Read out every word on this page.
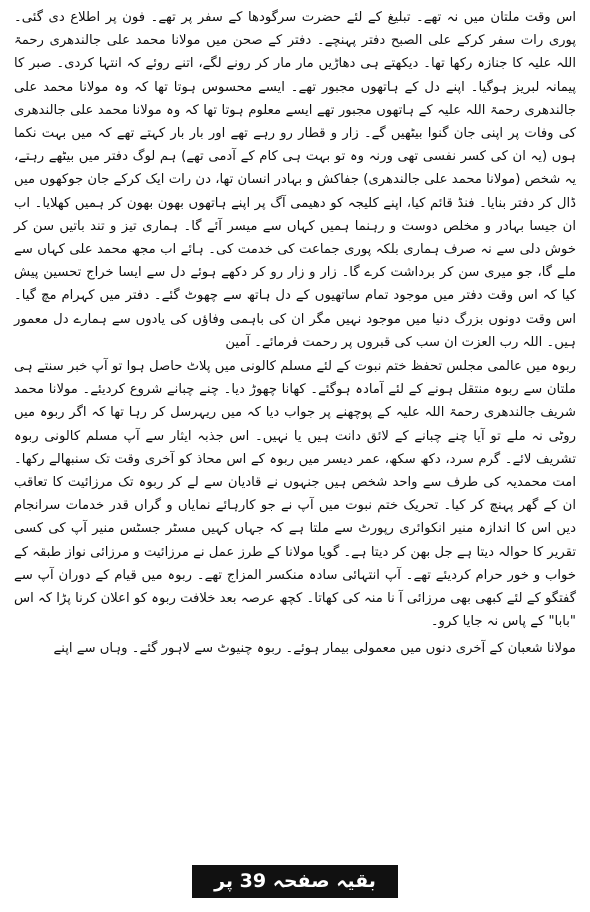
اس وقت ملتان میں نہ تھے۔ تبلیغ کے لئے حضرت سرگودھا کے سفر پر تھے۔ فون پر اطلاع دی گئی۔ پوری رات سفر کرکے علی الصبح دفتر پہنچے۔ دفتر کے صحن میں مولانا محمد علی جالندھری رحمۃ اللہ علیہ کا جنازہ رکھا تھا۔ دیکھتے ہی دھاڑیں مار مار کر رونے لگے، اتنے روئے کہ انتہا کردی۔ صبر کا پیمانہ لبریز ہوگیا۔ اپنے دل کے ہاتھوں مجبور تھے۔ ایسے محسوس ہوتا تھا کہ وہ مولانا محمد علی جالندھری رحمۃ اللہ علیہ کے ہاتھوں مجبور تھے ایسے معلوم ہوتا تھا کہ وہ مولانا محمد علی جالندھری کی وفات پر اپنی جان گنوا بیٹھیں گے۔ زار و قطار رو رہے تھے اور بار بار کہتے تھے کہ میں بہت نکما ہوں (یہ ان کی کسر نفسی تھی ورنہ وہ تو بہت ہی کام کے آدمی تھے) ہم لوگ دفتر میں بیٹھے رہتے، یہ شخص (مولانا محمد علی جالندھری) جفاکش و بہادر انسان تھا، دن رات ایک کرکے جان جوکھوں میں ڈال کر دفتر بنایا۔ فنڈ قائم کیا، اپنے کلیجہ کو دھیمی آگ پر اپنے ہاتھوں بھون بھون کر ہمیں کھلایا۔ اب ان جیسا بہادر و مخلص دوست و رہنما ہمیں کہاں سے میسر آئے گا۔ ہماری تیز و تند باتیں سن کر خوش دلی سے نہ صرف ہماری بلکہ پوری جماعت کی خدمت کی۔ ہائے اب مجھ محمد علی کہاں سے ملے گا، جو میری سن کر برداشت کرے گا۔ زار و زار رو کر دکھے ہوئے دل سے ایسا خراج تحسین پیش کیا کہ اس وقت دفتر میں موجود تمام ساتھیوں کے دل ہاتھ سے چھوٹ گئے۔ دفتر میں کہرام مچ گیا۔ اس وقت دونوں بزرگ دنیا میں موجود نہیں مگر ان کی باہمی وفاؤں کی یادوں سے ہمارے دل معمور ہیں۔ اللہ رب العزت ان سب کی قبروں پر رحمت فرمائے۔ آمین

ربوہ میں عالمی مجلس تحفظ ختم نبوت کے لئے مسلم کالونی میں پلاٹ حاصل ہوا تو آپ خبر سنتے ہی ملتان سے ربوہ منتقل ہونے کے لئے آمادہ ہوگئے۔ کھانا چھوڑ دیا۔ چنے چبانے شروع کردیئے۔ مولانا محمد شریف جالندھری رحمۃ اللہ علیہ کے پوچھنے پر جواب دیا کہ میں ریہرسل کر رہا تھا کہ اگر ربوہ میں روٹی نہ ملے تو آیا چنے چبانے کے لائق دانت ہیں یا نہیں۔ اس جذبہ ایثار سے آپ مسلم کالونی ربوہ تشریف لائے۔ گرم سرد، دکھ سکھ، عمر دیسر میں ربوہ کے اس محاذ کو آخری وقت تک سنبھالے رکھا۔ امت محمدیہ کی طرف سے واحد شخص ہیں جنہوں نے قادیان سے لے کر ربوہ تک مرزائیت کا تعاقب ان کے گھر پہنچ کر کیا۔ تحریک ختم نبوت میں آپ نے جو کارہائے نمایاں و گراں قدر خدمات سرانجام دیں اس کا اندازہ منیر انکوائری رپورٹ سے ملتا ہے کہ جہاں کہیں مسٹر جسٹس منیر آپ کی کسی تقریر کا حوالہ دیتا ہے جل بھن کر دیتا ہے۔ گویا مولانا کے طرز عمل نے مرزائیت و مرزائی نواز طبقہ کے خواب و خور حرام کردیئے تھے۔ آپ انتہائی سادہ منکسر المزاج تھے۔ ربوہ میں قیام کے دوران آپ سے گفتگو کے لئے کبھی بھی مرزائی آ نا منہ کی کھاتا۔ کچھ عرصہ بعد خلافت ربوہ کو اعلان کرنا پڑا کہ اس "بابا" کے پاس نہ جایا کرو۔

مولانا شعبان کے آخری دنوں میں معمولی بیمار ہوئے۔ ربوہ چنیوٹ سے لاہور گئے۔ وہاں سے اپنے

بقیہ صفحہ 39 پر
